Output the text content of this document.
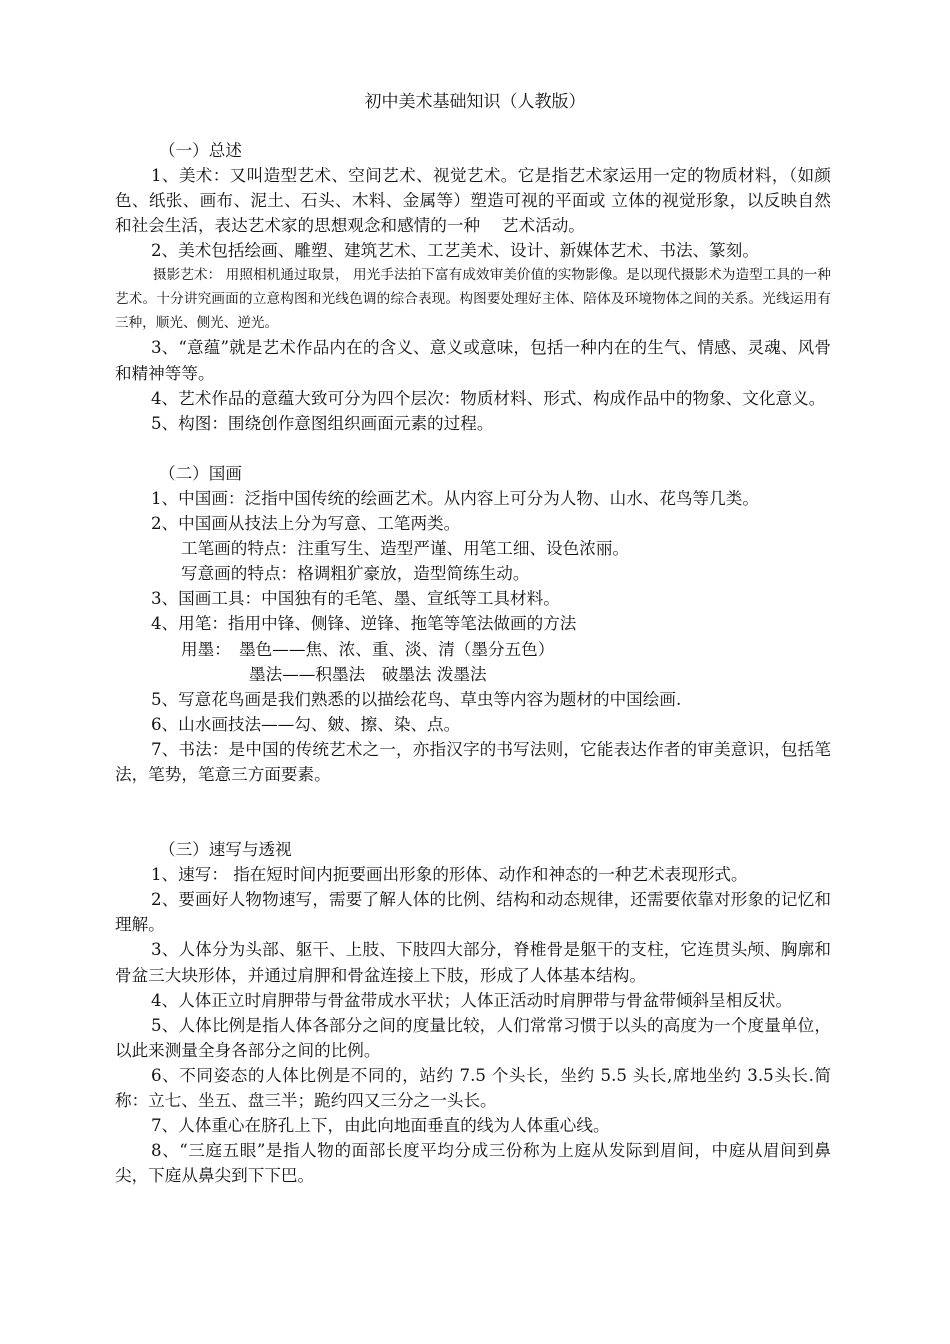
初中美术基础知识（人教版）

（一）总述

1、美术：又叫造型艺术、空间艺术、视觉艺术。它是指艺术家运用一定的物质材料，（如颜色、纸张、画布、泥土、石头、木料、金属等）塑造可视的平面或 立体的视觉形象，以反映自然和社会生活，表达艺术家的思想观念和感情的一种　 艺术活动。

2、美术包括绘画、雕塑、建筑艺术、工艺美术、设计、新媒体艺术、书法、篆刻。

摄影艺术： 用照相机通过取景， 用光手法拍下富有成效审美价值的实物影像。是以现代摄影术为造型工具的一种艺术。十分讲究画面的立意构图和光线色调的综合表现。构图要处理好主体、陪体及环境物体之间的关系。光线运用有三种，顺光、侧光、逆光。

3、“意蕴”就是艺术作品内在的含义、意义或意味，包括一种内在的生气、情感、灵魂、风骨和精神等等。

4、艺术作品的意蕴大致可分为四个层次：物质材料、形式、构成作品中的物象、文化意义。

5、构图：围绕创作意图组织画面元素的过程。

（二）国画

1、中国画：泛指中国传统的绘画艺术。从内容上可分为人物、山水、花鸟等几类。

2、中国画从技法上分为写意、工笔两类。

工笔画的特点：注重写生、造型严谨、用笔工细、设色浓丽。

写意画的特点：格调粗犷豪放，造型简练生动。

3、国画工具：中国独有的毛笔、墨、宣纸等工具材料。

4、用笔：指用中锋、侧锋、逆锋、拖笔等笔法做画的方法

用墨：　墨色——焦、浓、重、淡、清（墨分五色）

墨法——积墨法　破墨法 泼墨法

5、写意花鸟画是我们熟悉的以描绘花鸟、草虫等内容为题材的中国绘画.

6、山水画技法——勾、皴、擦、染、点。

7、书法：是中国的传统艺术之一，亦指汉字的书写法则，它能表达作者的审美意识，包括笔法，笔势，笔意三方面要素。

（三）速写与透视

1、速写： 指在短时间内扼要画出形象的形体、动作和神态的一种艺术表现形式。

2、要画好人物物速写，需要了解人体的比例、结构和动态规律，还需要依靠对形象的记忆和理解。

3、人体分为头部、躯干、上肢、下肢四大部分，脊椎骨是躯干的支柱，它连贯头颅、胸廓和骨盆三大块形体，并通过肩胛和骨盆连接上下肢，形成了人体基本结构。

4、人体正立时肩胛带与骨盆带成水平状；人体正活动时肩胛带与骨盆带倾斜呈相反状。

5、人体比例是指人体各部分之间的度量比较，人们常常习惯于以头的高度为一个度量单位， 以此来测量全身各部分之间的比例。

6、不同姿态的人体比例是不同的，站约 7.5 个头长，坐约 5.5 头长,席地坐约 3.5头长.简称：立七、坐五、盘三半；跪约四又三分之一头长。

7、人体重心在脐孔上下，由此向地面垂直的线为人体重心线。

8、“三庭五眼”是指人物的面部长度平均分成三份称为上庭从发际到眉间，中庭从眉间到鼻尖，下庭从鼻尖到下下巴。
